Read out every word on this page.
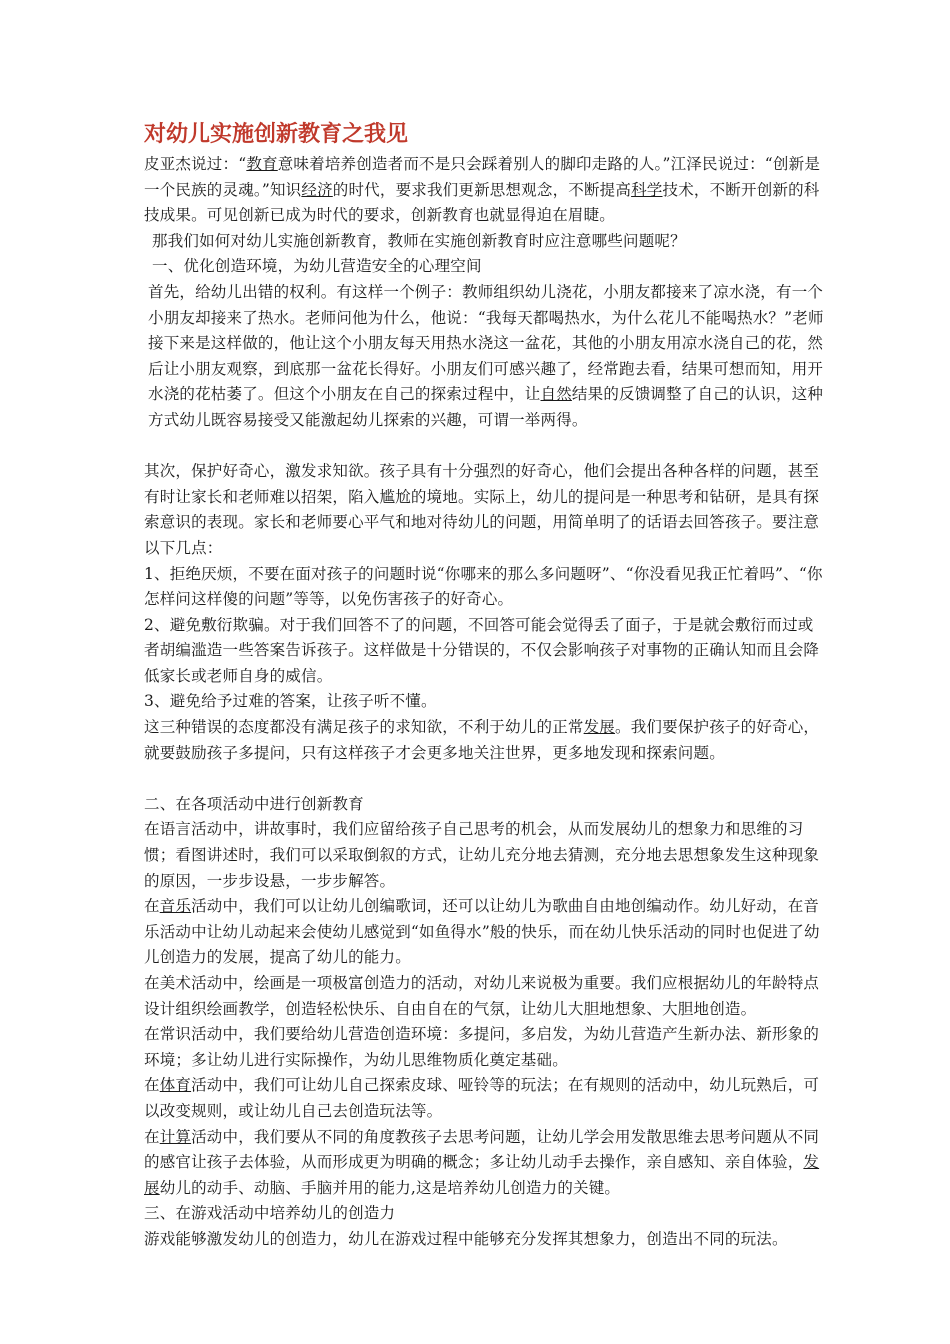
对幼儿实施创新教育之我见

皮亚杰说过：“教育意味着培养创造者而不是只会踩着别人的脚印走路的人。”江泽民说过：“创新是一个民族的灵魂。”知识经济的时代，要求我们更新思想观念，不断提高科学技术，不断开创新的科技成果。可见创新已成为时代的要求，创新教育也就显得迫在眉睫。

那我们如何对幼儿实施创新教育，教师在实施创新教育时应注意哪些问题呢？

一、优化创造环境，为幼儿营造安全的心理空间

首先，给幼儿出错的权利。有这样一个例子：教师组织幼儿浇花，小朋友都接来了凉水浇，有一个小朋友却接来了热水。老师问他为什么，他说：“我每天都喝热水，为什么花儿不能喝热水？”老师接下来是这样做的，他让这个小朋友每天用热水浇这一盆花，其他的小朋友用凉水浇自己的花，然后让小朋友观察，到底那一盆花长得好。小朋友们可感兴趣了，经常跑去看，结果可想而知，用开水浇的花枯萎了。但这个小朋友在自己的探索过程中，让自然结果的反馈调整了自己的认识，这种方式幼儿既容易接受又能激起幼儿探索的兴趣，可谓一举两得。

其次，保护好奇心，激发求知欲。孩子具有十分强烈的好奇心，他们会提出各种各样的问题，甚至有时让家长和老师难以招架，陷入尴尬的境地。实际上，幼儿的提问是一种思考和钻研，是具有探索意识的表现。家长和老师要心平气和地对待幼儿的问题，用简单明了的话语去回答孩子。要注意以下几点：

1、拒绝厌烦，不要在面对孩子的问题时说“你哪来的那么多问题呀”、“你没看见我正忙着吗”、“你怎样问这样傻的问题”等等，以免伤害孩子的好奇心。

2、避免敷衍欺骗。对于我们回答不了的问题，不回答可能会觉得丢了面子，于是就会敷衍而过或者胡编滥造一些答案告诉孩子。这样做是十分错误的，不仅会影响孩子对事物的正确认知而且会降低家长或老师自身的威信。

3、避免给予过难的答案，让孩子听不懂。

这三种错误的态度都没有满足孩子的求知欲，不利于幼儿的正常发展。我们要保护孩子的好奇心，就要鼓励孩子多提问，只有这样孩子才会更多地关注世界，更多地发现和探索问题。

二、在各项活动中进行创新教育

在语言活动中，讲故事时，我们应留给孩子自己思考的机会，从而发展幼儿的想象力和思维的习惯；看图讲述时，我们可以采取倒叙的方式，让幼儿充分地去猜测，充分地去思想象发生这种现象的原因，一步步设悬，一步步解答。

在音乐活动中，我们可以让幼儿创编歌词，还可以让幼儿为歌曲自由地创编动作。幼儿好动，在音乐活动中让幼儿动起来会使幼儿感觉到“如鱼得水”般的快乐，而在幼儿快乐活动的同时也促进了幼儿创造力的发展，提高了幼儿的能力。

在美术活动中，绘画是一项极富创造力的活动，对幼儿来说极为重要。我们应根据幼儿的年龄特点设计组织绘画教学，创造轻松快乐、自由自在的气氛，让幼儿大胆地想象、大胆地创造。

在常识活动中，我们要给幼儿营造创造环境：多提问，多启发，为幼儿营造产生新办法、新形象的环境；多让幼儿进行实际操作，为幼儿思维物质化奠定基础。

在体育活动中，我们可让幼儿自己探索皮球、哑铃等的玩法；在有规则的活动中，幼儿玩熟后，可以改变规则，或让幼儿自己去创造玩法等。

在计算活动中，我们要从不同的角度教孩子去思考问题，让幼儿学会用发散思维去思考问题从不同的感官让孩子去体验，从而形成更为明确的概念；多让幼儿动手去操作，亲自感知、亲自体验，发展幼儿的动手、动脑、手脑并用的能力,这是培养幼儿创造力的关键。

三、在游戏活动中培养幼儿的创造力

游戏能够激发幼儿的创造力，幼儿在游戏过程中能够充分发挥其想象力，创造出不同的玩法。
